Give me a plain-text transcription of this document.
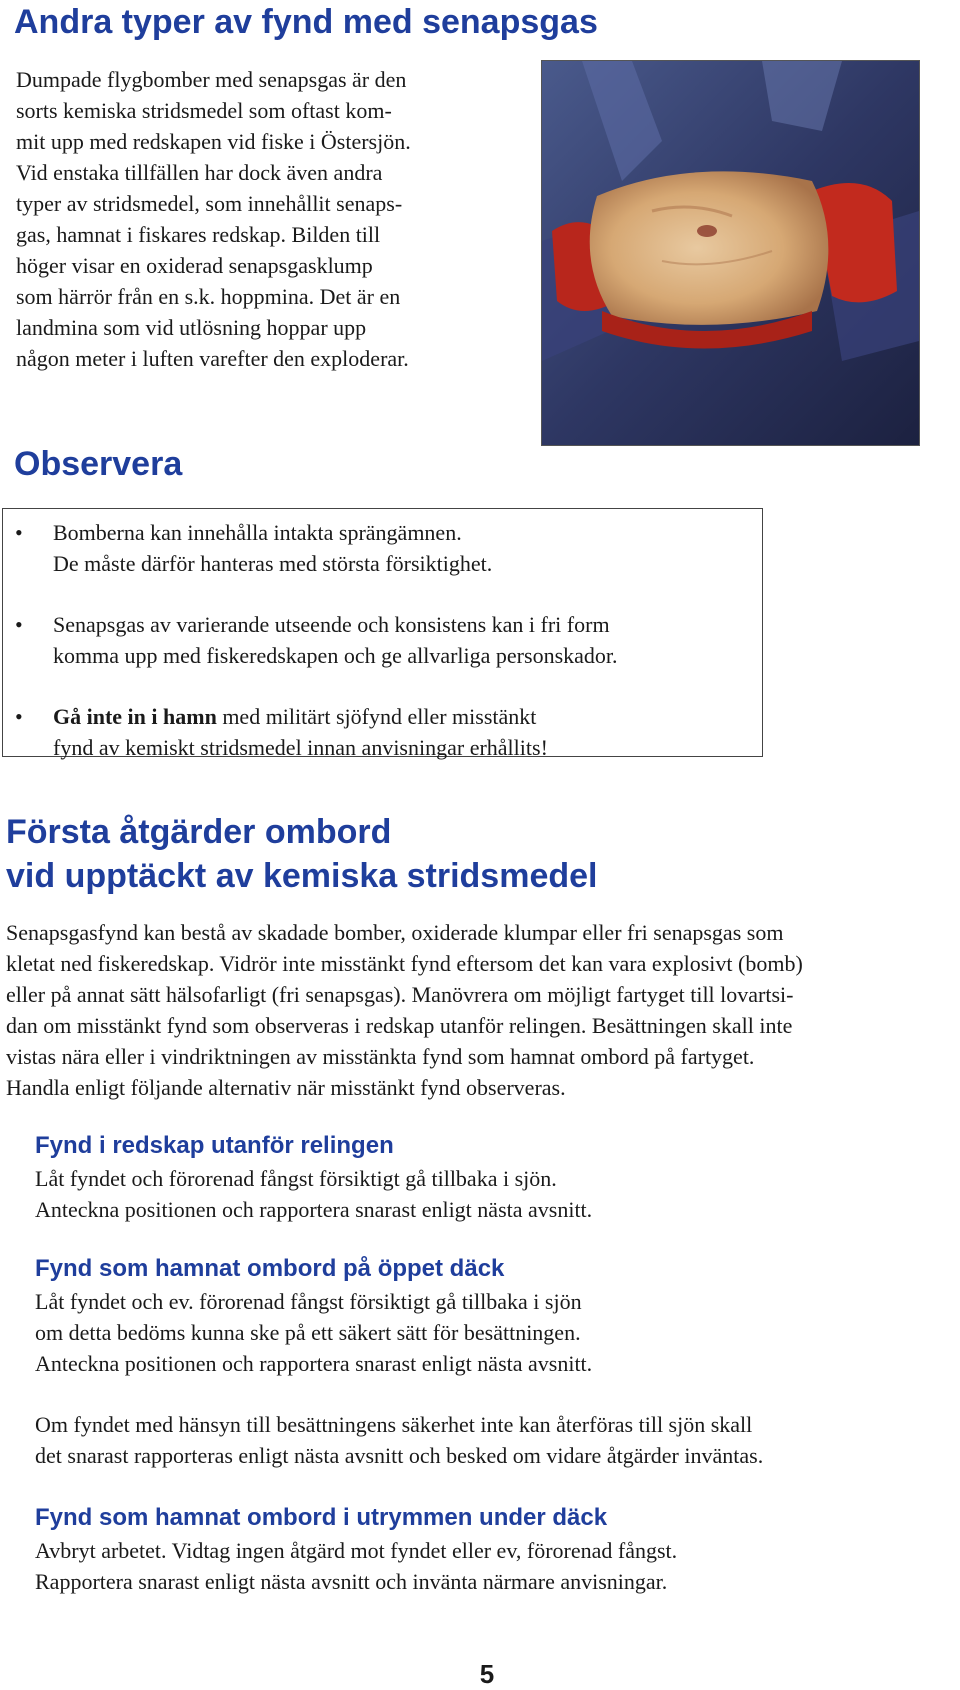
Andra typer av fynd med senapsgas

Dumpade flygbomber med senapsgas är den

sorts kemiska stridsmedel som oftast kom-

mit upp med redskapen vid fiske i Östersjön.

Vid enstaka tillfällen har dock även andra

typer av stridsmedel, som innehållit senaps-

gas, hamnat i fiskares redskap. Bilden till

höger visar en oxiderad senapsgasklump

som härrör från en s.k. hoppmina. Det är en

landmina som vid utlösning hoppar upp

någon meter i luften varefter den exploderar.

Observera
• Bomberna kan innehålla intakta sprängämnen.

De måste därför hanteras med största försiktighet.

• Senapsgas av varierande utseende och konsistens kan i fri form

komma upp med fiskeredskapen och ge allvarliga personskador.

• Gå inte in i hamn med militärt sjöfynd eller misstänkt

fynd av kemiskt stridsmedel innan anvisningar erhållits!

Första åtgärder ombord
vid upptäckt av kemiska stridsmedel

Senapsgasfynd kan bestå av skadade bomber, oxiderade klumpar eller fri senapsgas som

kletat ned fiskeredskap. Vidrör inte misstänkt fynd eftersom det kan vara explosivt (bomb)

eller på annat sätt hälsofarligt (fri senapsgas). Manövrera om möjligt fartyget till lovartsi-

dan om misstänkt fynd som observeras i redskap utanför relingen. Besättningen skall inte

vistas nära eller i vindriktningen av misstänkta fynd som hamnat ombord på fartyget.

Handla enligt följande alternativ när misstänkt fynd observeras.

Fynd i redskap utanför relingen

Låt fyndet och förorenad fångst försiktigt gå tillbaka i sjön.

Anteckna positionen och rapportera snarast enligt nästa avsnitt.

Fynd som hamnat ombord på öppet däck

Låt fyndet och ev. förorenad fångst försiktigt gå tillbaka i sjön

om detta bedöms kunna ske på ett säkert sätt för besättningen.

Anteckna positionen och rapportera snarast enligt nästa avsnitt.

Om fyndet med hänsyn till besättningens säkerhet inte kan återföras till sjön skall

det snarast rapporteras enligt nästa avsnitt och besked om vidare åtgärder inväntas.

Fynd som hamnat ombord i utrymmen under däck

Avbryt arbetet. Vidtag ingen åtgärd mot fyndet eller ev, förorenad fångst.

Rapportera snarast enligt nästa avsnitt och invänta närmare anvisningar.

5
